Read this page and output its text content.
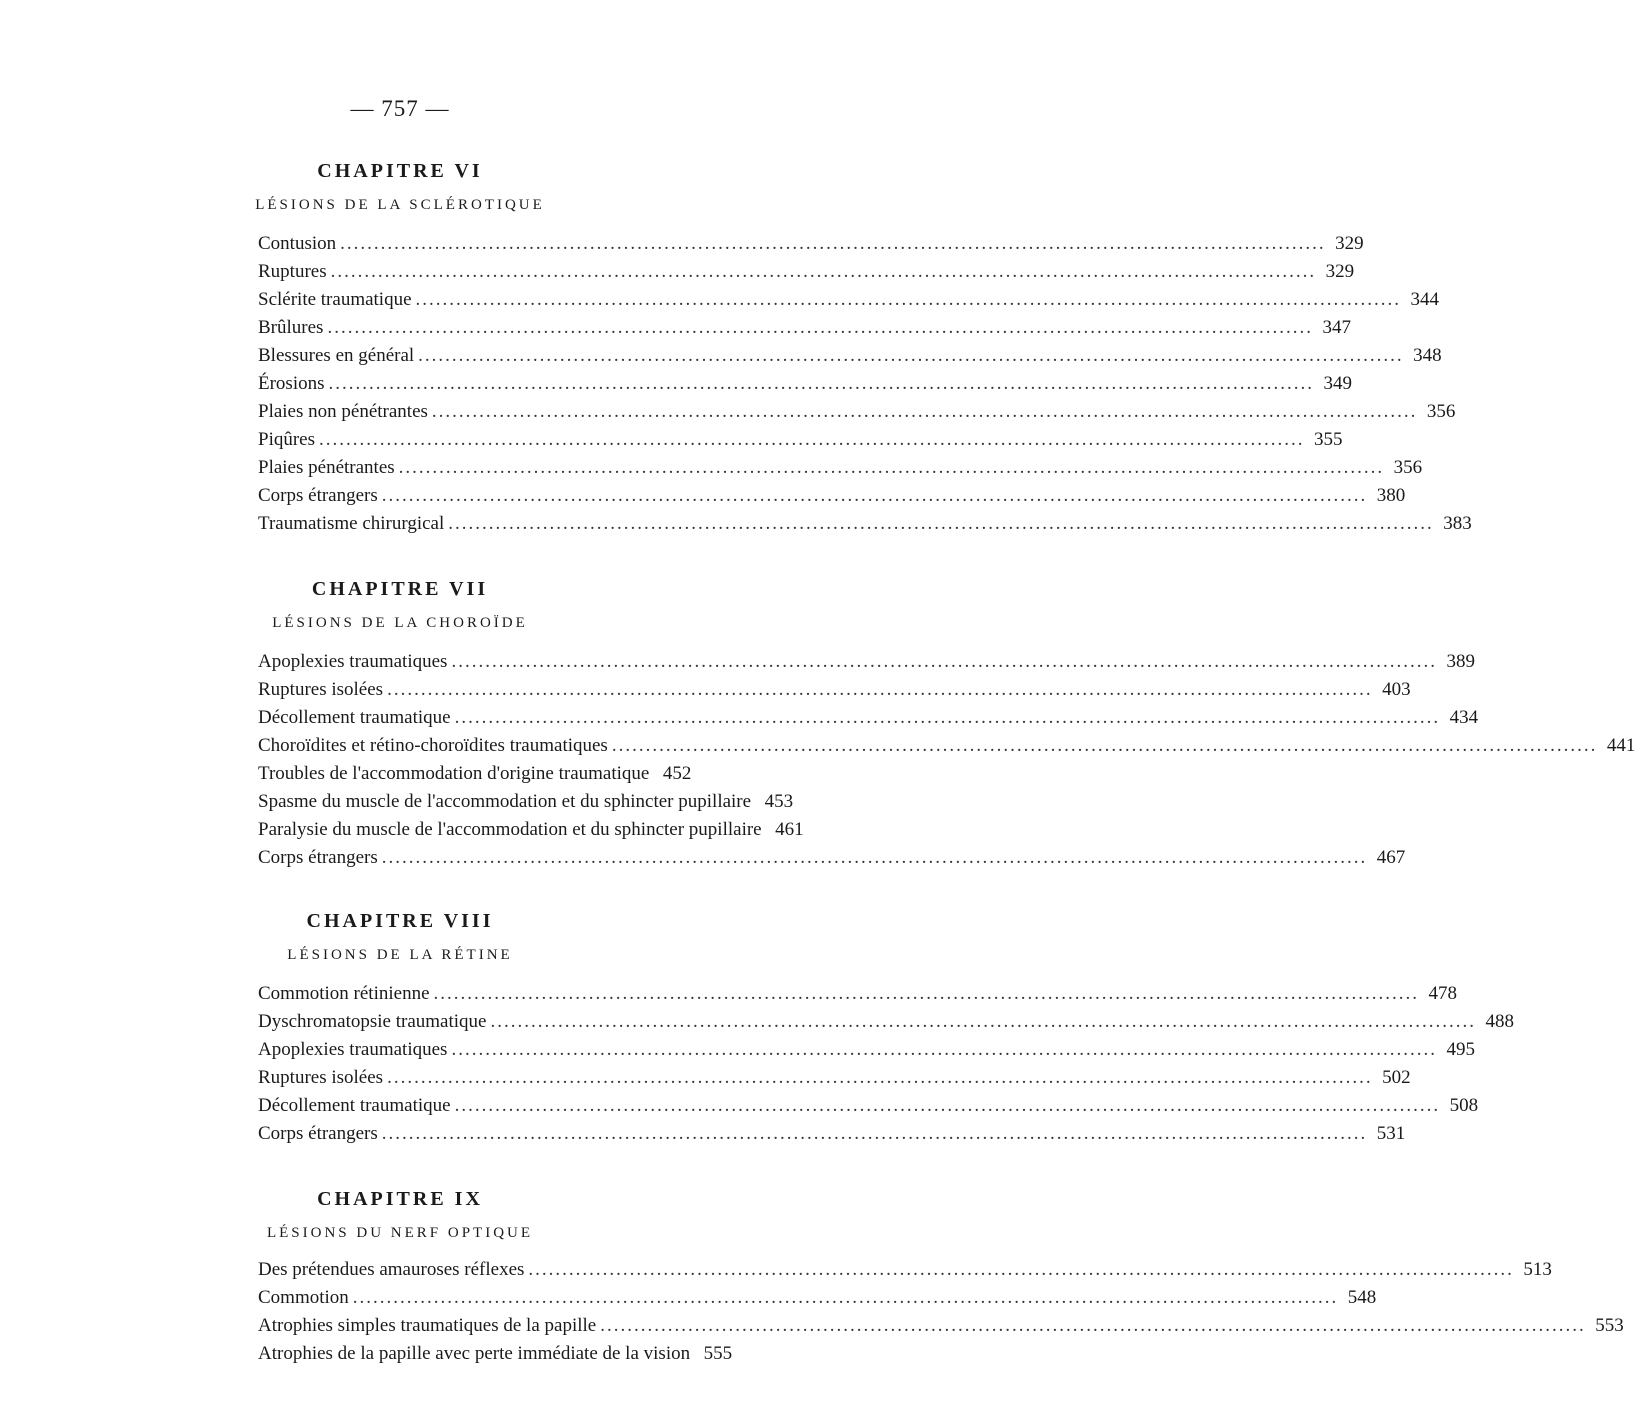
— 757 —
CHAPITRE VI

LÉSIONS DE LA SCLÉROTIQUE

Contusion .....	329
Ruptures .....	329
Sclérite traumatique .....	344
Brûlures .....	347
Blessures en général .....	348
Érosions .....	349
Plaies non pénétrantes .....	356
Piqûres .....	355
Plaies pénétrantes .....	356
Corps étrangers .....	380
Traumatisme chirurgical .....	383
CHAPITRE VII

LÉSIONS DE LA CHOROÏDE

Apoplexies traumatiques .....	389
Ruptures isolées .....	403
Décollement traumatique .....	434
Choroïdites et rétino-choroïdites traumatiques .....	441
Troubles de l'accommodation d'origine traumatique 452
Spasme du muscle de l'accommodation et du sphincter pupillaire 453
Paralysie du muscle de l'accommodation et du sphincter pupillaire 461
Corps étrangers .....	467
CHAPITRE VIII

LÉSIONS DE LA RÉTINE

Commotion rétinienne .....	478
Dyschromatopsie traumatique .....	488
Apoplexies traumatiques .....	495
Ruptures isolées .....	502
Décollement traumatique .....	508
Corps étrangers .....	531
CHAPITRE IX

LÉSIONS DU NERF OPTIQUE

Des prétendues amauroses réflexes .....	513
Commotion .....	548
Atrophies simples traumatiques de la papille .....	553
Atrophies de la papille avec perte immédiate de la vision 555
